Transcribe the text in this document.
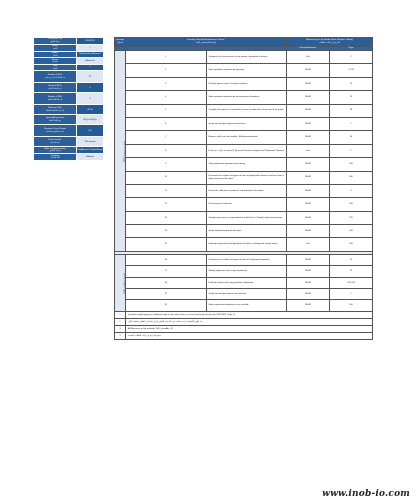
Curriculum Title
عنوان المنهج	2020/2021
Grade
الصف	7
Subject
المادة	Mathematics Advanced
Stream
المسار	Advanced
Term
الفصل	1
Number of MCQ
عدد أسئلة الاختيار من متعدد	15
Marks of MCQ
درجة أسئلة الاختيار	4
Number of FRQ
عدد الأسئلة المقالية	3
Marks per FRQ
الدرجات للأسئلة المقالية	(8-10)
Type of All Questions
نوع كافة الأسئلة	MCQs & FRQs
Maximum Overall Grade
الدرجة القصوى الممكنة	100
Exam Duration
مدة الامتحان	150 minutes
Mode of Implementation
طريقة التطبيق	SwiftAssess & Paper-Based
Calculator
الآلة الحاسبة	Allowed
Question
السؤال	Learning Outcome/Performance Criteria*
نواتج التعلم/معايير الأداء		Reference(s) in the Student Book (English - Arabic)
المرجع في كتاب الطالب	
			Example/Exercise	Page
MCQ / اختيار من متعدد	1	Compare the characteristics of the graphs of quadratic functions	Unit	2
	2	Solve quadratic equations by graphing	2A-2B	17-18
	3	Find the square roots of complex numbers	2A-2B	22
	4	Solve quadratic equations by factoring special products	2A-2B	25
	5	Complete the square in a quadratic function to obtain the vertex form of the graph	2A-2B	28
	6	Graph and analyze polynomial functions	2A-2B	1
	7	Mention: add, find, and simplify / Multiply polynomials	2A-2B	30
	8	Factor (x - a) (Is it a factor?) by using Theorem 'Integrals and Polynomial Theorem'	Unit	2
	9	Solve polynomial equations by factoring	2A-2B	100
	10	Determine the number and types of roots of polynomial functions, and use them in graph polynomial functions	2A-2B	300
	11	Find sums, differences, products, and quotients of functions	2A-2B	3
	12	Find inverses of relations	2A-2B	100
	13	Simplify expressions in exponential or radical form / Simplify radical expressions	2A-2B	225
	14	Graph exponential growth functions	2A-2B	100
	15	Evaluate exponential and logarithmic functions, including the natural base e	Unit	100

FRQ / الأسئلة المقالية	16	Determine the number and types of roots of a polynomial equation	2A-2B	70
	17	Identify polynomials by using long division	2A-2B	72
	18	Evaluate functions by using synthetic substitution	2A-2B	102-103
	19	Graph and analyze square root functions	2A-2B	1
	20	Solve exponential equations in one variable	2A-2B	100
1	Questions might appear in a different order in the actual exam, or in the actual exam of the term 2020-2021 (Term 1)			
2	قد تظهر الأسئلة بترتيب مختلف في الامتحان الفعلي أو في الامتحان الفعلي للفصل الأول			
3	All Reference in the textbook: 2020_mat-Adv_G7			
4	جميع المراجع في كتاب الطالب المعتمد			
www.inob-io.com
